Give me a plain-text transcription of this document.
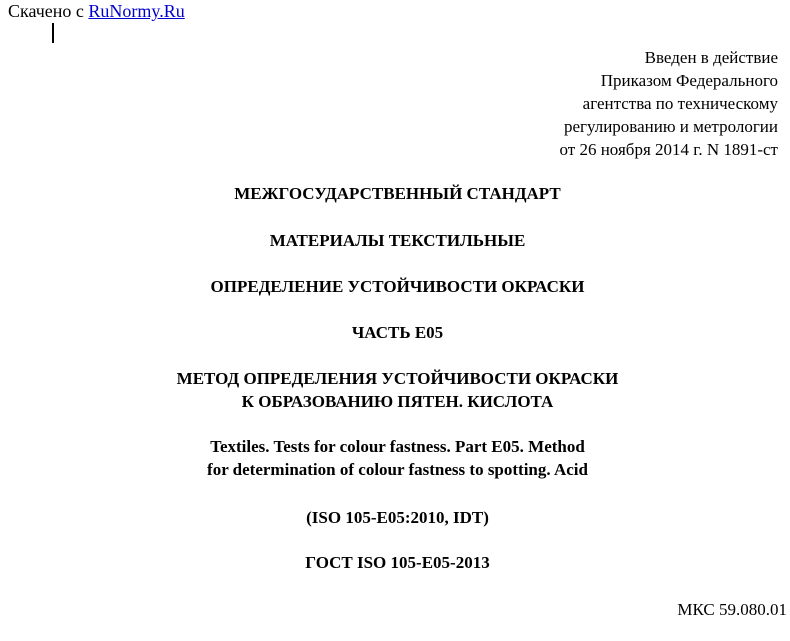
Скачено с RuNormy.Ru
Введен в действие
Приказом Федерального
агентства по техническому
регулированию и метрологии
от 26 ноября 2014 г. N 1891-ст
МЕЖГОСУДАРСТВЕННЫЙ СТАНДАРТ
МАТЕРИАЛЫ ТЕКСТИЛЬНЫЕ
ОПРЕДЕЛЕНИЕ УСТОЙЧИВОСТИ ОКРАСКИ
ЧАСТЬ E05
МЕТОД ОПРЕДЕЛЕНИЯ УСТОЙЧИВОСТИ ОКРАСКИ
К ОБРАЗОВАНИЮ ПЯТЕН. КИСЛОТА
Textiles. Tests for colour fastness. Part E05. Method
for determination of colour fastness to spotting. Acid
(ISO 105-E05:2010, IDT)
ГОСТ ISO 105-E05-2013
МКС 59.080.01
